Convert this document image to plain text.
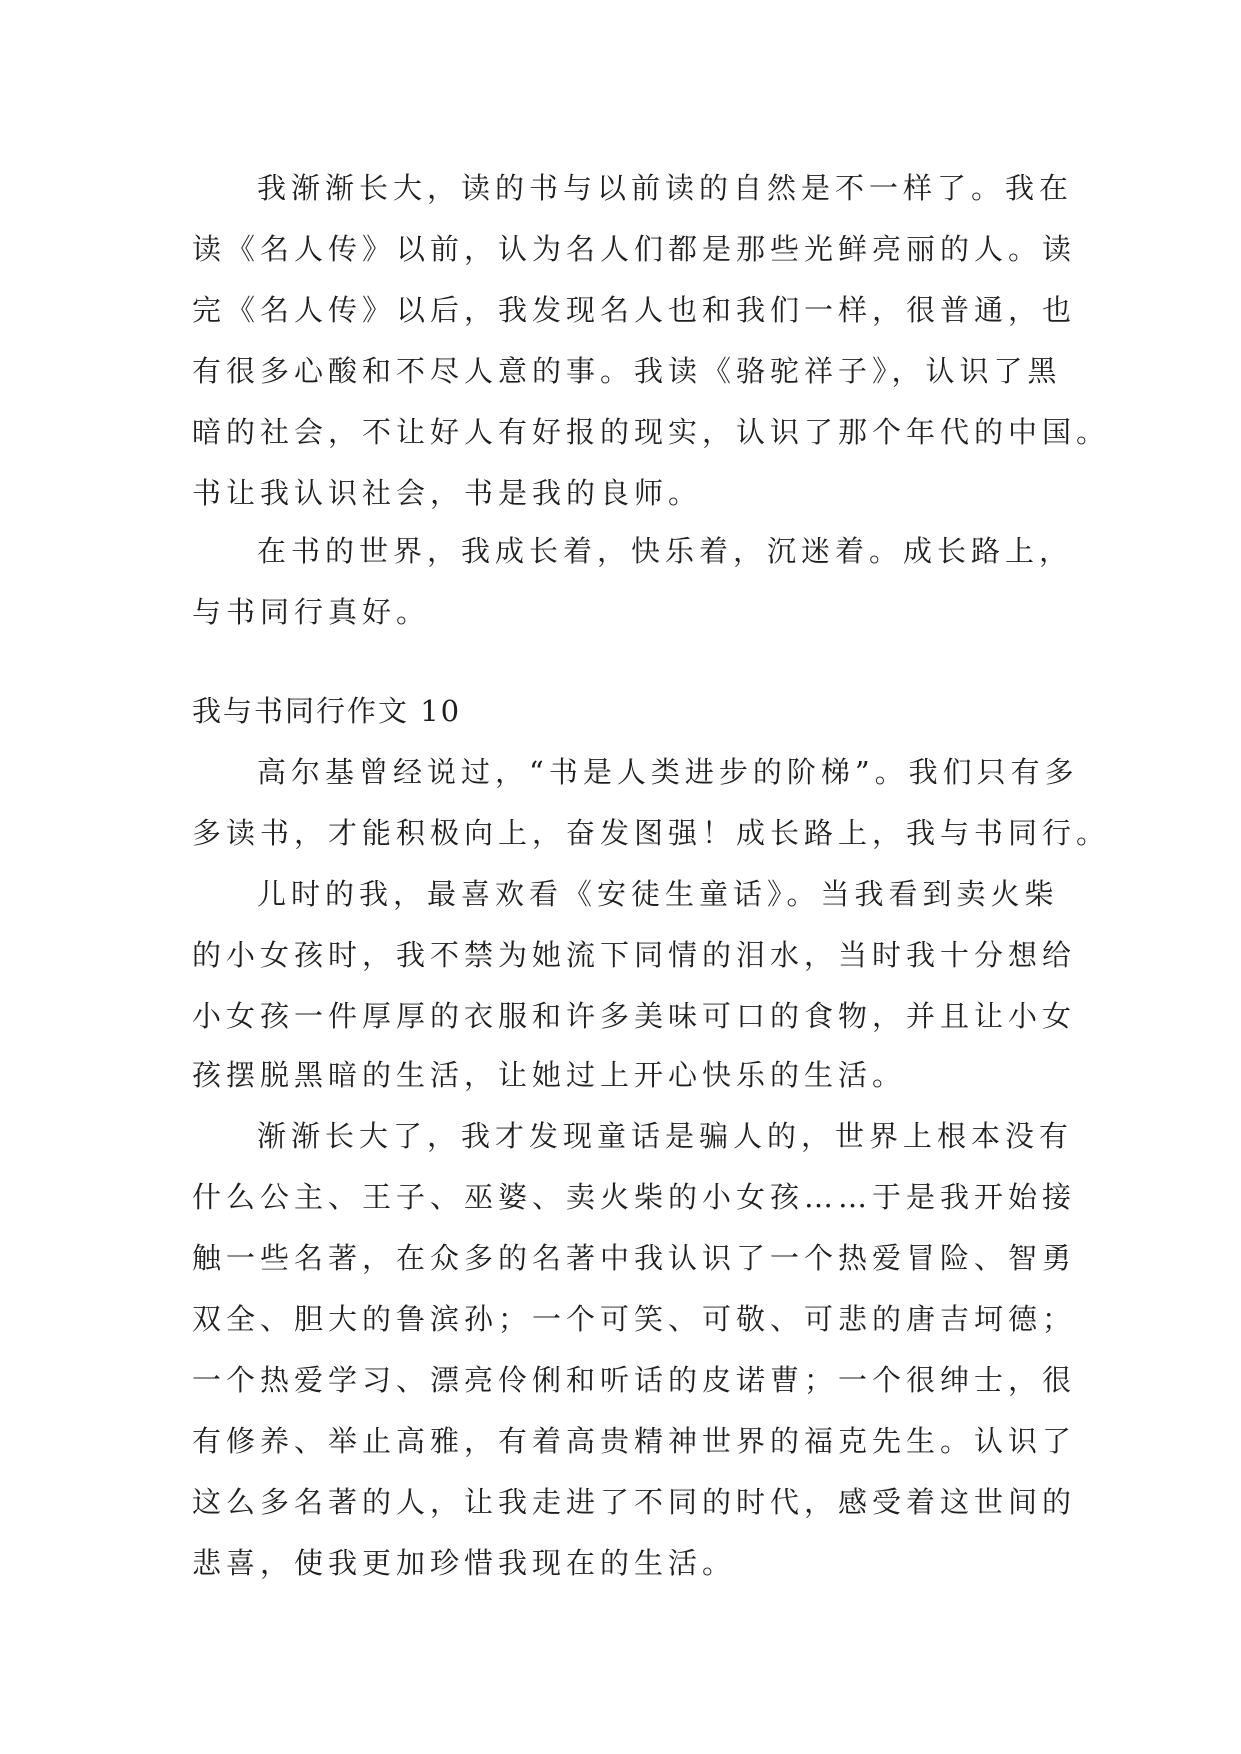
我渐渐长大，读的书与以前读的自然是不一样了。我在
读《名人传》以前，认为名人们都是那些光鲜亮丽的人。读
完《名人传》以后，我发现名人也和我们一样，很普通，也
有很多心酸和不尽人意的事。我读《骆驼祥子》，认识了黑
暗的社会，不让好人有好报的现实，认识了那个年代的中国。
书让我认识社会，书是我的良师。
在书的世界，我成长着，快乐着，沉迷着。成长路上，
与书同行真好。
我与书同行作文 10
高尔基曾经说过，“书是人类进步的阶梯”。我们只有多
多读书，才能积极向上，奋发图强！成长路上，我与书同行。
儿时的我，最喜欢看《安徒生童话》。当我看到卖火柴
的小女孩时，我不禁为她流下同情的泪水，当时我十分想给
小女孩一件厚厚的衣服和许多美味可口的食物，并且让小女
孩摆脱黑暗的生活，让她过上开心快乐的生活。
渐渐长大了，我才发现童话是骗人的，世界上根本没有
什么公主、王子、巫婆、卖火柴的小女孩……于是我开始接
触一些名著，在众多的名著中我认识了一个热爱冒险、智勇
双全、胆大的鲁滨孙；一个可笑、可敬、可悲的唐吉坷德；
一个热爱学习、漂亮伶俐和听话的皮诺曹；一个很绅士，很
有修养、举止高雅，有着高贵精神世界的福克先生。认识了
这么多名著的人，让我走进了不同的时代，感受着这世间的
悲喜，使我更加珍惜我现在的生活。
